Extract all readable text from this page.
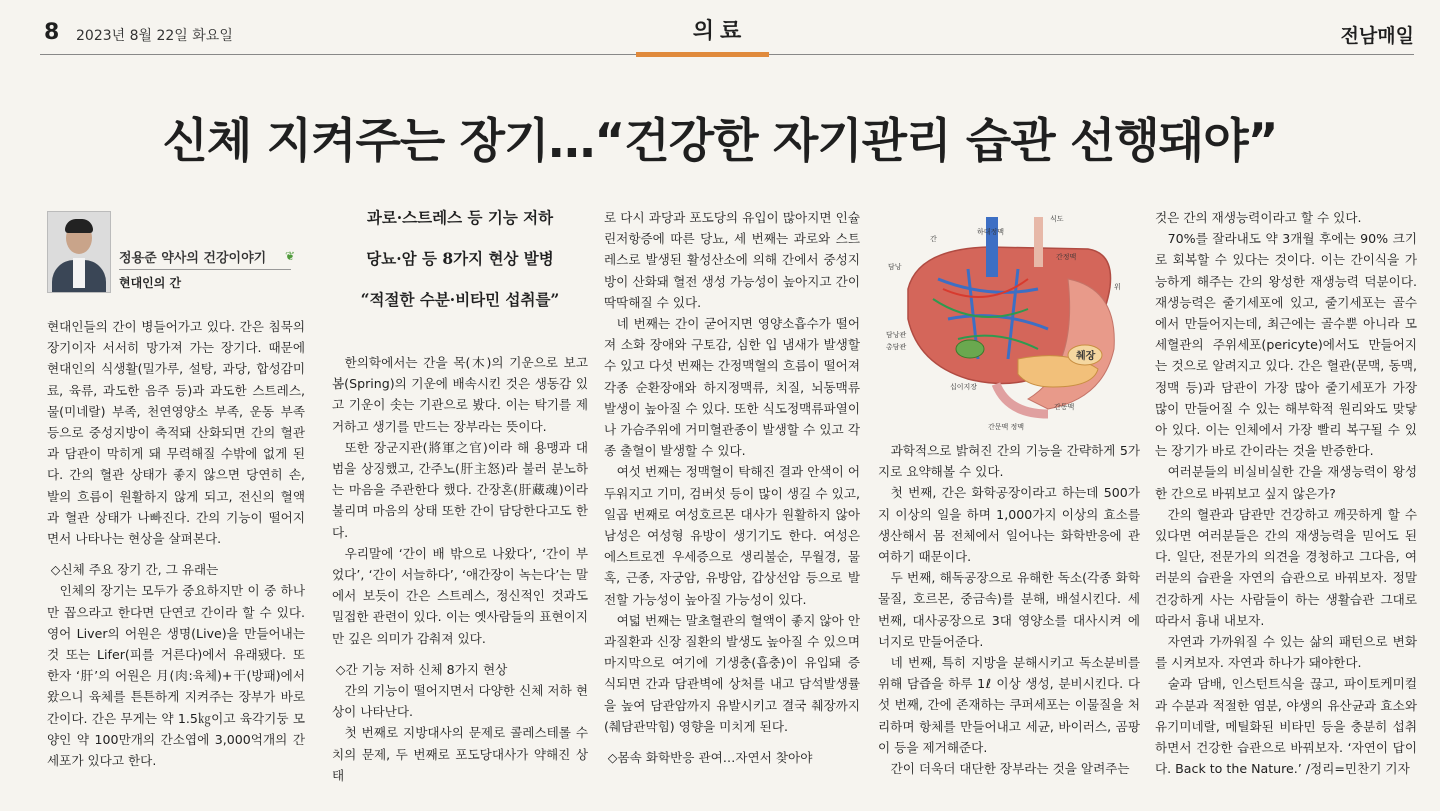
8 2023년 8월 22일 화요일	의료	전남매일
신체 지켜주는 장기…“건강한 자기관리 습관 선행돼야”
정용준 약사의 건강이야기 ❦
현대인의 간
과로·스트레스 등 기능 저하
당뇨·암 등 8가지 현상 발병
“적절한 수분·비타민 섭취를”

현대인들의 간이 병들어가고 있다. 간은 침묵의 장기이자 서서히 망가져 가는 장기다. 때문에 현대인의 식생활(밀가루, 설탕, 과당, 합성감미료, 육류, 과도한 음주 등)과 과도한 스트레스, 물(미네랄) 부족, 천연영양소 부족, 운동 부족 등으로 중성지방이 축적돼 산화되면 간의 혈관과 담관이 막히게 돼 무력해질 수밖에 없게 된다. 간의 혈관 상태가 좋지 않으면 당연히 손, 발의 흐름이 원활하지 않게 되고, 전신의 혈액과 혈관 상태가 나빠진다. 간의 기능이 떨어지면서 나타나는 현상을 살펴본다.

◇신체 주요 장기 간, 그 유래는

인체의 장기는 모두가 중요하지만 이 중 하나만 꼽으라고 한다면 단연코 간이라 할 수 있다. 영어 Liver의 어원은 생명(Live)을 만들어내는 것 또는 Lifer(피를 거른다)에서 유래됐다. 또 한자 ‘肝’의 어원은 月(肉:육체)+干(방패)에서 왔으니 육체를 튼튼하게 지켜주는 장부가 바로 간이다. 간은 무게는 약 1.5㎏이고 육각기둥 모양인 약 100만개의 간소엽에 3,000억개의 간세포가 있다고 한다.

한의학에서는 간을 목(木)의 기운으로 보고 봄(Spring)의 기운에 배속시킨 것은 생동감 있고 기운이 솟는 기관으로 봤다. 이는 탁기를 제거하고 생기를 만드는 장부라는 뜻이다.

또한 장군지관(將軍之官)이라 해 용맹과 대범을 상징했고, 간주노(肝主怒)라 불러 분노하는 마음을 주관한다 했다. 간장혼(肝藏魂)이라 불리며 마음의 상태 또한 간이 담당한다고도 한다.

우리말에 ‘간이 배 밖으로 나왔다’, ‘간이 부었다’, ‘간이 서늘하다’, ‘애간장이 녹는다’는 말에서 보듯이 간은 스트레스, 정신적인 것과도 밀접한 관련이 있다. 이는 옛사람들의 표현이지만 깊은 의미가 감춰져 있다.

◇간 기능 저하 신체 8가지 현상

간의 기능이 떨어지면서 다양한 신체 저하 현상이 나타난다.

첫 번째로 지방대사의 문제로 콜레스테롤 수치의 문제, 두 번째로 포도당대사가 약해진 상태

로 다시 과당과 포도당의 유입이 많아지면 인슐린저항증에 따른 당뇨, 세 번째는 과로와 스트레스로 발생된 활성산소에 의해 간에서 중성지방이 산화돼 혈전 생성 가능성이 높아지고 간이 딱딱해질 수 있다.

네 번째는 간이 굳어지면 영양소흡수가 떨어져 소화 장애와 구토감, 심한 입 냄새가 발생할 수 있고 다섯 번째는 간정맥혈의 흐름이 떨어져 각종 순환장애와 하지정맥류, 치질, 뇌동맥류 발생이 높아질 수 있다. 또한 식도정맥류파열이나 가슴주위에 거미혈관종이 발생할 수 있고 각종 출혈이 발생할 수 있다.

여섯 번째는 정맥혈이 탁해진 결과 안색이 어두워지고 기미, 검버섯 등이 많이 생길 수 있고, 일곱 번째로 여성호르몬 대사가 원활하지 않아 남성은 여성형 유방이 생기기도 한다. 여성은 에스트로겐 우세증으로 생리불순, 무월경, 물혹, 근종, 자궁암, 유방암, 갑상선암 등으로 발전할 가능성이 높아질 가능성이 있다.

여덟 번째는 말초혈관의 혈액이 좋지 않아 안과질환과 신장 질환의 발생도 높아질 수 있으며 마지막으로 여기에 기생충(흡충)이 유입돼 증식되면 간과 담관벽에 상처를 내고 담석발생률을 높여 담관암까지 유발시키고 결국 췌장까지(췌담관막힘) 영향을 미치게 된다.

◇몸속 화학반응 관여…자연서 찾아야

하대정맥
식도
간
간정맥
담낭
위
담낭관
총담관
췌장
십이지장
간문맥 정맥
간동맥

과학적으로 밝혀진 간의 기능을 간략하게 5가지로 요약해볼 수 있다.

첫 번째, 간은 화학공장이라고 하는데 500가지 이상의 일을 하며 1,000가지 이상의 효소를 생산해서 몸 전체에서 일어나는 화학반응에 관여하기 때문이다.

두 번째, 해독공장으로 유해한 독소(각종 화학물질, 호르몬, 중금속)를 분해, 배설시킨다. 세 번째, 대사공장으로 3대 영양소를 대사시켜 에너지로 만들어준다.

네 번째, 특히 지방을 분해시키고 독소분비를 위해 담즙을 하루 1ℓ 이상 생성, 분비시킨다. 다섯 번째, 간에 존재하는 쿠퍼세포는 이물질을 처리하며 항체를 만들어내고 세균, 바이러스, 곰팡이 등을 제거해준다.

간이 더욱더 대단한 장부라는 것을 알려주는

것은 간의 재생능력이라고 할 수 있다.

70%를 잘라내도 약 3개월 후에는 90% 크기로 회복할 수 있다는 것이다. 이는 간이식을 가능하게 해주는 간의 왕성한 재생능력 덕분이다. 재생능력은 줄기세포에 있고, 줄기세포는 골수에서 만들어지는데, 최근에는 골수뿐 아니라 모세혈관의 주위세포(pericyte)에서도 만들어지는 것으로 알려지고 있다. 간은 혈관(문맥, 동맥, 정맥 등)과 담관이 가장 많아 줄기세포가 가장 많이 만들어질 수 있는 해부학적 원리와도 맞닿아 있다. 이는 인체에서 가장 빨리 복구될 수 있는 장기가 바로 간이라는 것을 반증한다.

여러분들의 비실비실한 간을 재생능력이 왕성한 간으로 바꿔보고 싶지 않은가?

간의 혈관과 담관만 건강하고 깨끗하게 할 수 있다면 여러분들은 간의 재생능력을 믿어도 된다. 일단, 전문가의 의견을 경청하고 그다음, 여러분의 습관을 자연의 습관으로 바꿔보자. 정말 건강하게 사는 사람들이 하는 생활습관 그대로 따라서 흉내 내보자.

자연과 가까워질 수 있는 삶의 패턴으로 변화를 시켜보자. 자연과 하나가 돼야한다.

술과 담배, 인스턴트식을 끊고, 파이토케미컬과 수분과 적절한 염분, 야생의 유산균과 효소와 유기미네랄, 메틸화된 비타민 등을 충분히 섭취하면서 건강한 습관으로 바꿔보자. ‘자연이 답이다. Back to the Nature.’ /정리=민찬기 기자
